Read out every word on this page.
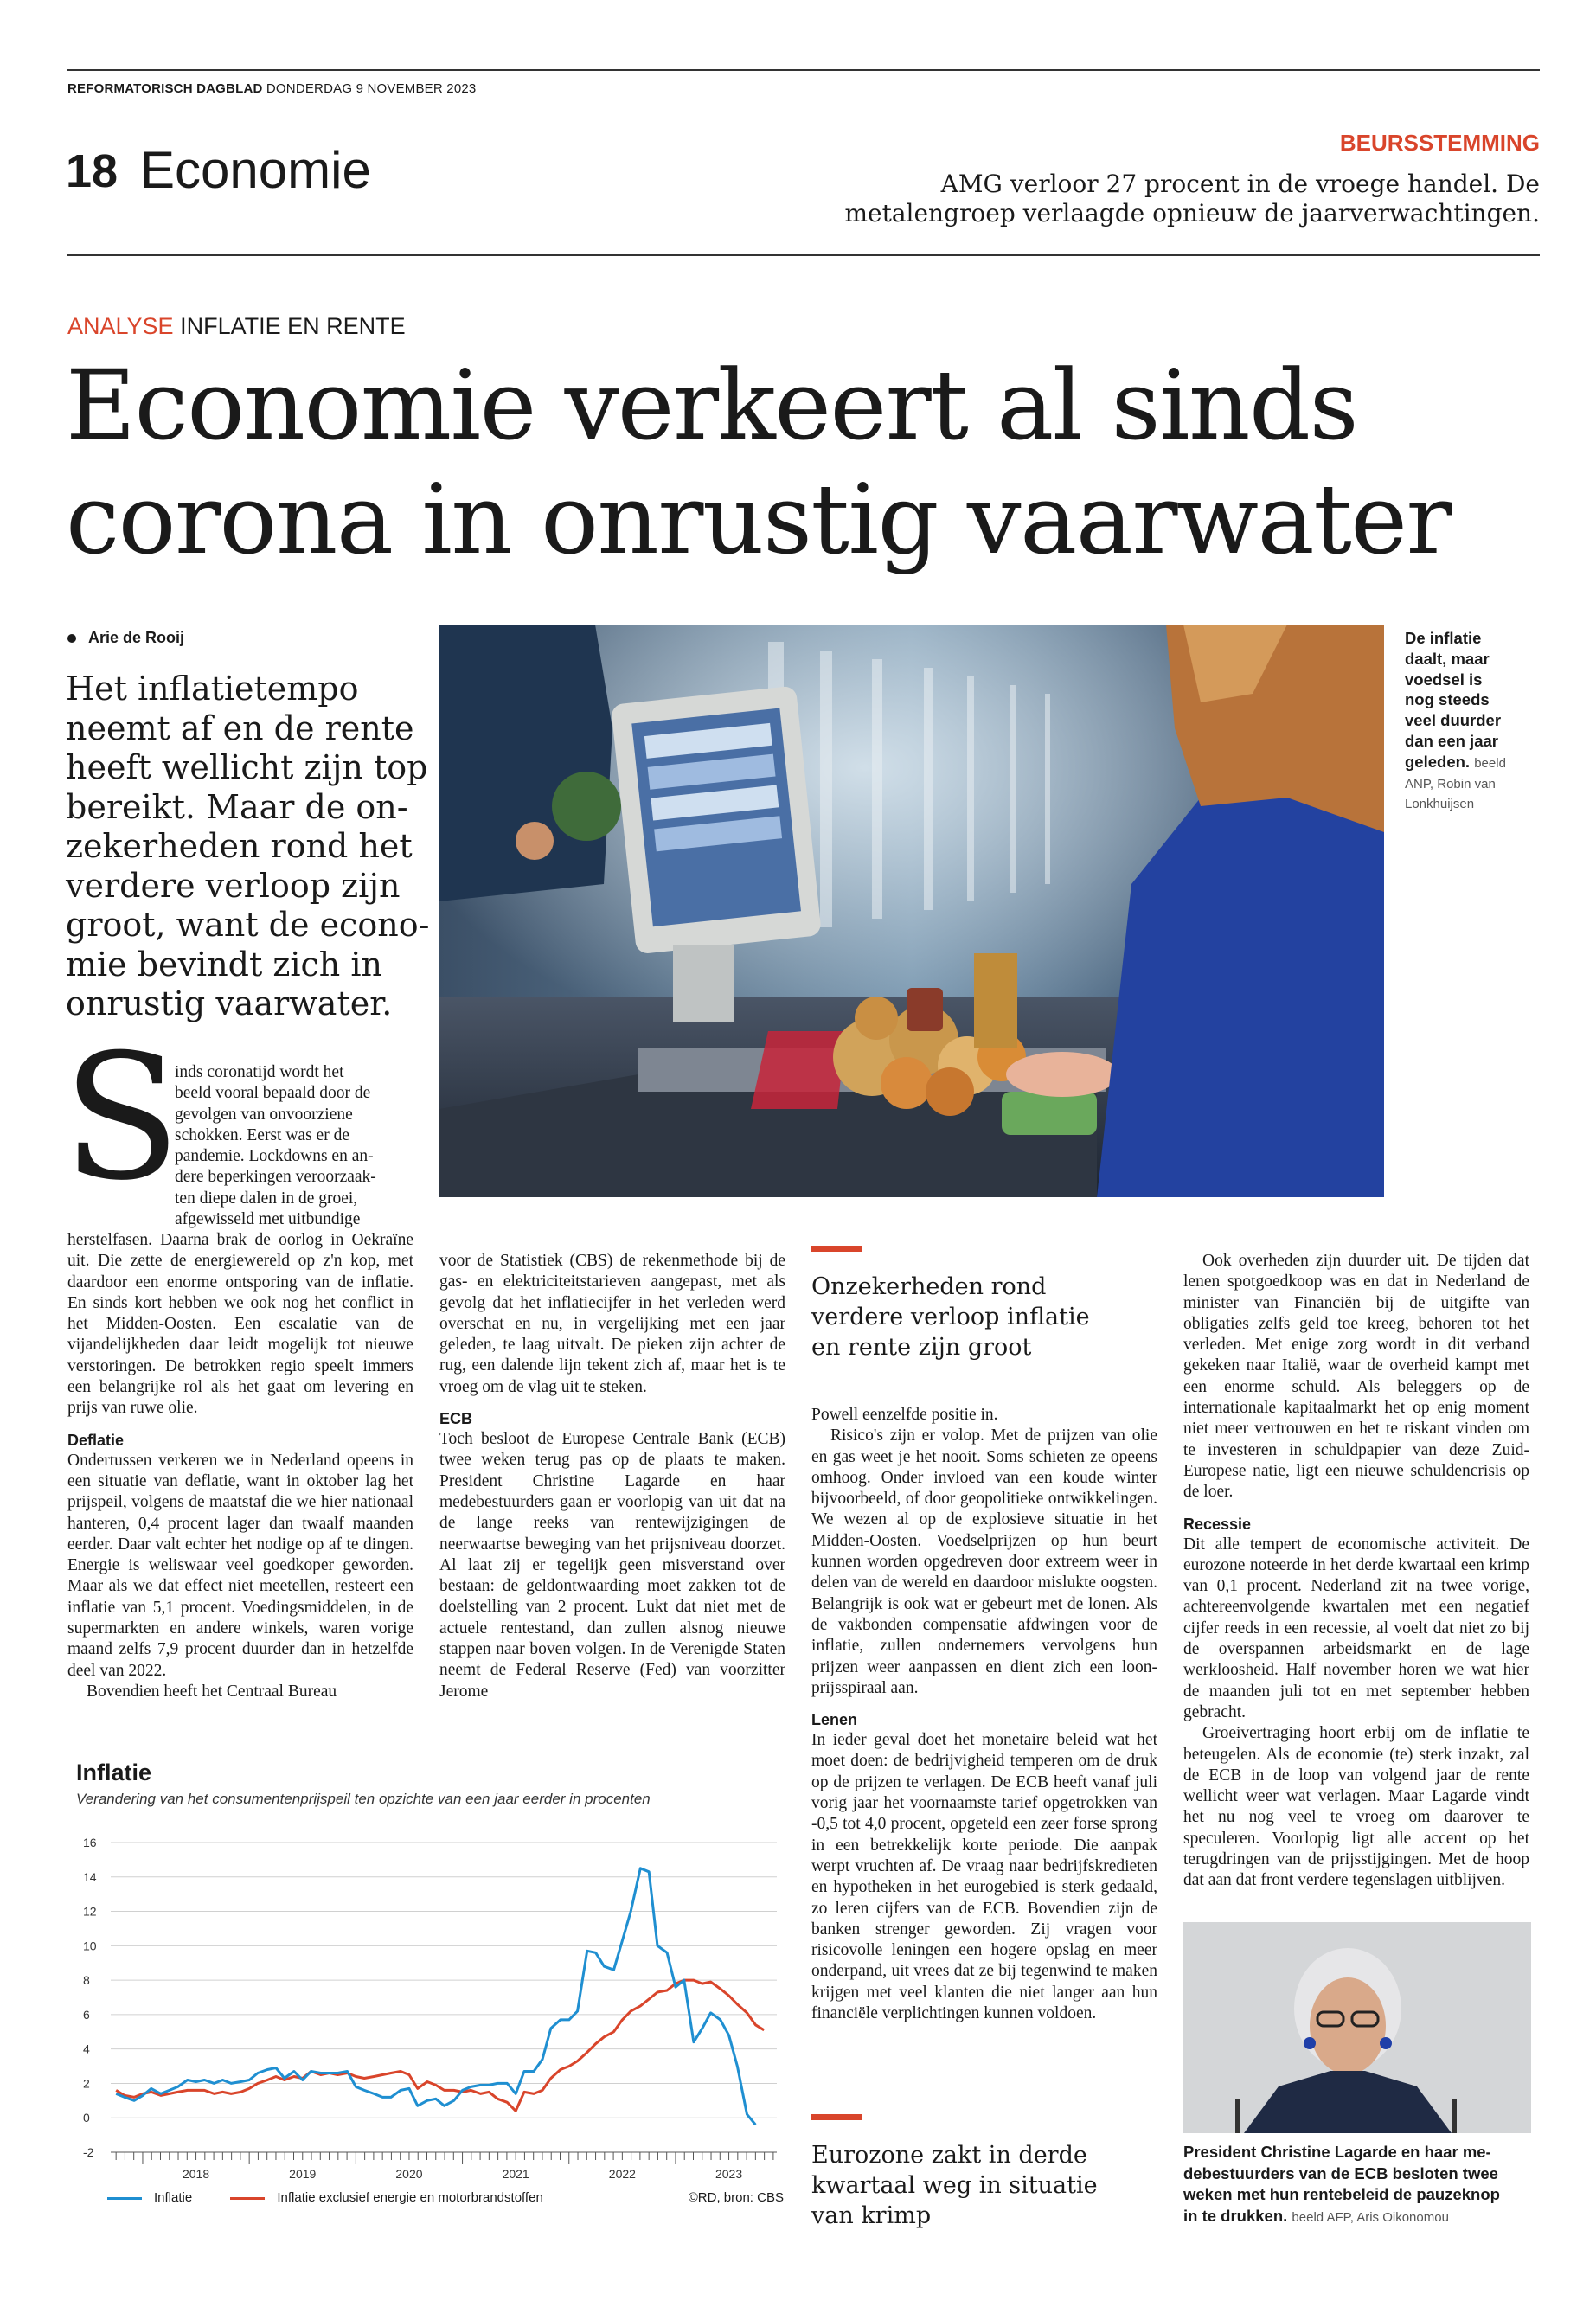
REFORMATORISCH DAGBLAD DONDERDAG 9 NOVEMBER 2023
18 Economie	BEURSSTEMMING
AMG verloor 27 procent in de vroege handel. De
metalengroep verlaagde opnieuw de jaarverwachtingen.
ANALYSE INFLATIE EN RENTE
Economie verkeert al sinds
corona in onrustig vaarwater
Arie de Rooij
Het inflatietempo
neemt af en de rente
heeft wellicht zijn top
bereikt. Maar de on-
zekerheden rond het
verdere verloop zijn
groot, want de econo-
mie bevindt zich in
onrustig vaarwater.
De inflatie
daalt, maar
voedsel is
nog steeds
veel duurder
dan een jaar
geleden. beeld
ANP, Robin van
Lonkhuijsen
S
inds coronatijd wordt het
beeld vooral bepaald door de
gevolgen van onvoorziene
schokken. Eerst was er de
pandemie. Lockdowns en an-
dere beperkingen veroorzaak-
ten diepe dalen in de groei,
afgewisseld met uitbundige

herstelfasen. Daarna brak de oorlog in Oekraïne uit. Die zette de energiewereld op z'n kop, met daardoor een enorme ontsporing van de inflatie. En sinds kort hebben we ook nog het conflict in het Midden-Oosten. Een escalatie van de vijandelijkheden daar leidt mogelijk tot nieuwe verstoringen. De betrokken regio speelt immers een belangrijke rol als het gaat om levering en prijs van ruwe olie.

Deflatie

Ondertussen verkeren we in Nederland opeens in een situatie van deflatie, want in oktober lag het prijspeil, volgens de maatstaf die we hier nationaal hanteren, 0,4 procent lager dan twaalf maanden eerder. Daar valt echter het nodige op af te dingen. Energie is weliswaar veel goedkoper geworden. Maar als we dat effect niet meetellen, resteert een inflatie van 5,1 procent. Voedingsmiddelen, in de supermarkten en andere winkels, waren vorige maand zelfs 7,9 procent duurder dan in hetzelfde deel van 2022.

Bovendien heeft het Centraal Bureau

voor de Statistiek (CBS) de rekenmethode bij de gas- en elektriciteitstarieven aangepast, met als gevolg dat het inflatiecijfer in het verleden werd overschat en nu, in vergelijking met een jaar geleden, te laag uitvalt. De pieken zijn achter de rug, een dalende lijn tekent zich af, maar het is te vroeg om de vlag uit te steken.

ECB

Toch besloot de Europese Centrale Bank (ECB) twee weken terug pas op de plaats te maken. President Christine Lagarde en haar medebestuurders gaan er voorlopig van uit dat na de lange reeks van rentewijzigingen de neerwaartse beweging van het prijsniveau doorzet. Al laat zij er tegelijk geen misverstand over bestaan: de geldontwaarding moet zakken tot de doelstelling van 2 procent. Lukt dat niet met de actuele rentestand, dan zullen alsnog nieuwe stappen naar boven volgen. In de Verenigde Staten neemt de Federal Reserve (Fed) van voorzitter Jerome

Onzekerheden rond
verdere verloop inflatie
en rente zijn groot

Powell eenzelfde positie in.

Risico's zijn er volop. Met de prijzen van olie en gas weet je het nooit. Soms schieten ze opeens omhoog. Onder invloed van een koude winter bijvoorbeeld, of door geopolitieke ontwikkelingen. We wezen al op de explosieve situatie in het Midden-Oosten. Voedselprijzen op hun beurt kunnen worden opgedreven door extreem weer in delen van de wereld en daardoor mislukte oogsten. Belangrijk is ook wat er gebeurt met de lonen. Als de vakbonden compensatie afdwingen voor de inflatie, zullen ondernemers vervolgens hun prijzen weer aanpassen en dient zich een loon-prijsspiraal aan.

Lenen

In ieder geval doet het monetaire beleid wat het moet doen: de bedrijvigheid temperen om de druk op de prijzen te verlagen. De ECB heeft vanaf juli vorig jaar het voornaamste tarief opgetrokken van -0,5 tot 4,0 procent, opgeteld een zeer forse sprong in een betrekkelijk korte periode. Die aanpak werpt vruchten af. De vraag naar bedrijfskredieten en hypotheken in het eurogebied is sterk gedaald, zo leren cijfers van de ECB. Bovendien zijn de banken strenger geworden. Zij vragen voor risicovolle leningen een hogere opslag en meer onderpand, uit vrees dat ze bij tegenwind te maken krijgen met veel klanten die niet langer aan hun financiële verplichtingen kunnen voldoen.

Eurozone zakt in derde
kwartaal weg in situatie
van krimp

Ook overheden zijn duurder uit. De tijden dat lenen spotgoedkoop was en dat in Nederland de minister van Financiën bij de uitgifte van obligaties zelfs geld toe kreeg, behoren tot het verleden. Met enige zorg wordt in dit verband gekeken naar Italië, waar de overheid kampt met een enorme schuld. Als beleggers op de internationale kapitaalmarkt het op enig moment niet meer vertrouwen en het te riskant vinden om te investeren in schuldpapier van deze Zuid-Europese natie, ligt een nieuwe schuldencrisis op de loer.

Recessie

Dit alle tempert de economische activiteit. De eurozone noteerde in het derde kwartaal een krimp van 0,1 procent. Nederland zit na twee vorige, achtereenvolgende kwartalen met een negatief cijfer reeds in een recessie, al voelt dat niet zo bij de overspannen arbeidsmarkt en de lage werkloosheid. Half november horen we wat hier de maanden juli tot en met september hebben gebracht.

Groeivertraging hoort erbij om de inflatie te beteugelen. Als de economie (te) sterk inzakt, zal de ECB in de loop van volgend jaar de rente wellicht weer wat verlagen. Maar Lagarde vindt het nu nog veel te vroeg om daarover te speculeren. Voorlopig ligt alle accent op het terugdringen van de prijsstijgingen. Met de hoop dat aan dat front verdere tegenslagen uitblijven.

President Christine Lagarde en haar me-
debestuurders van de ECB besloten twee
weken met hun rentebeleid de pauzeknop
in te drukken. beeld AFP, Aris Oikonomou
Inflatie
Verandering van het consumentenprijspeil ten opzichte van een jaar eerder in procenten
-2
0
2
4
6
8
10
12
14
16
2018	2019	2020	2021	2022	2023
Inflatie	Inflatie exclusief energie en motorbrandstoffen	©RD, bron: CBS
